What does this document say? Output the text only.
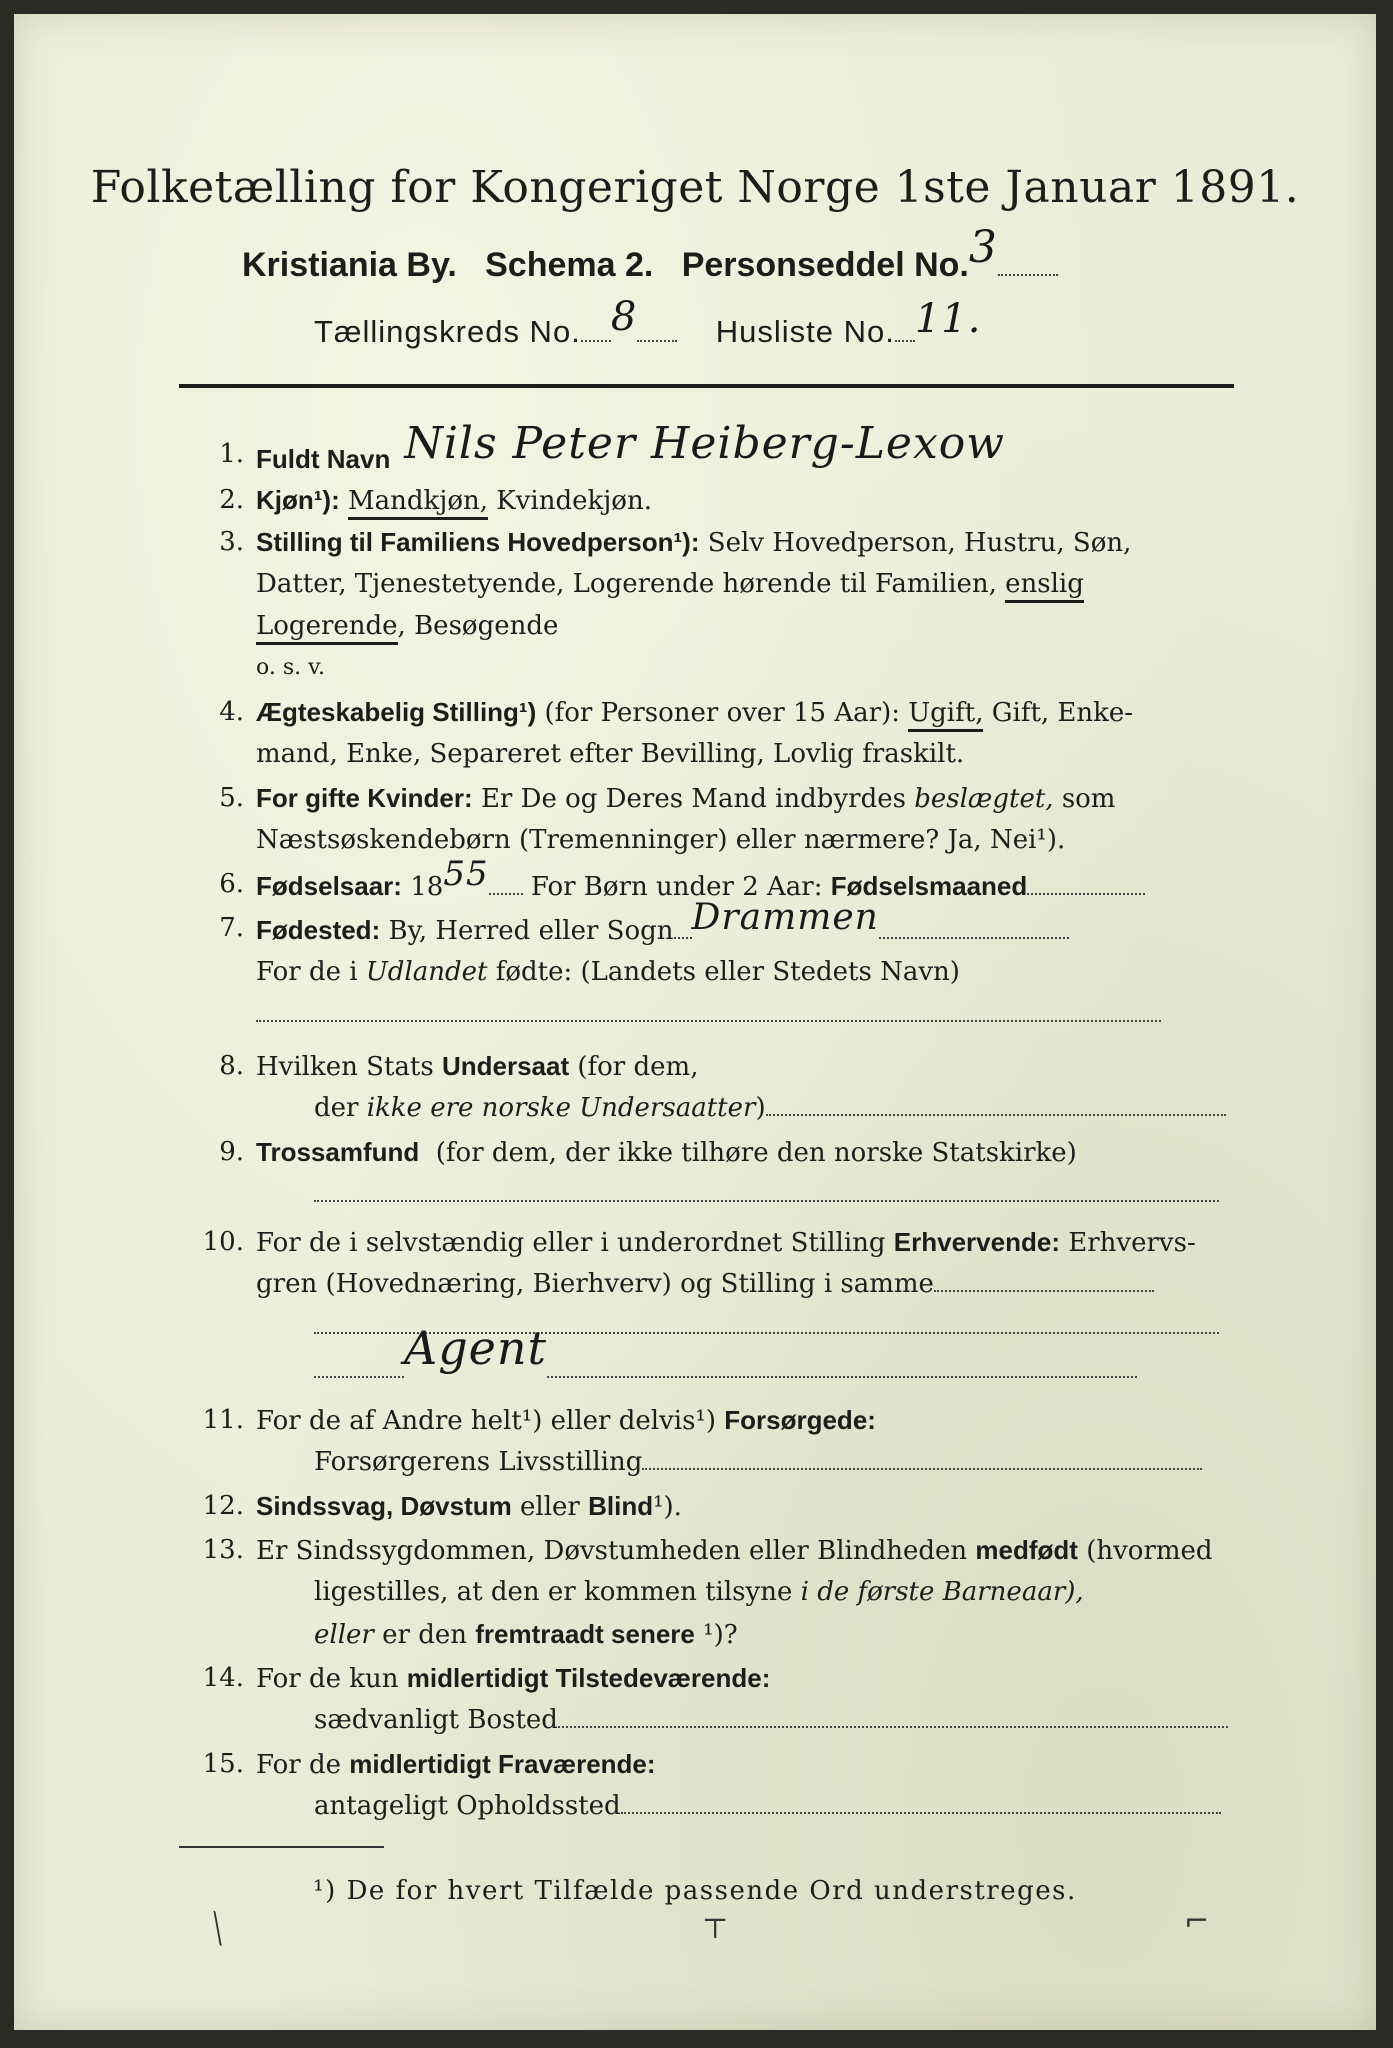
Folketælling for Kongeriget Norge 1ste Januar 1891.
Kristiania By. Schema 2. Personseddel No.3
Tællingskreds No. 8	Husliste No. 11.
1. Fuldt Navn Nils Peter Heiberg-Lexow
2. Kjøn¹): Mandkjøn, Kvindekjøn.
3. Stilling til Familiens Hovedperson¹): Selv Hovedperson, Hustru, Søn,
Datter, Tjenestetyende, Logerende hørende til Familien, enslig
Logerende, Besøgende
o. s. v.
4. Ægteskabelig Stilling¹) (for Personer over 15 Aar): Ugift, Gift, Enke-
mand, Enke, Separeret efter Bevilling, Lovlig fraskilt.
5. For gifte Kvinder: Er De og Deres Mand indbyrdes beslægtet, som
Næstsøskendebørn (Tremenninger) eller nærmere? Ja, Nei¹).
6. Fødselsaar: 1855 For Børn under 2 Aar: Fødselsmaaned
7. Fødested: By, Herred eller Sogn Drammen
For de i Udlandet fødte: (Landets eller Stedets Navn)
8. Hvilken Stats Undersaat (for dem,
der ikke ere norske Undersaatter)
9. Trossamfund (for dem, der ikke tilhøre den norske Statskirke)
10. For de i selvstændig eller i underordnet Stilling Erhvervende: Erhvervs-
gren (Hovednæring, Bierhverv) og Stilling i samme
Agent
11. For de af Andre helt¹) eller delvis¹) Forsørgede:
Forsørgerens Livsstilling
12. Sindssvag, Døvstum eller Blind¹).
13. Er Sindssygdommen, Døvstumheden eller Blindheden medfødt (hvormed
ligestilles, at den er kommen tilsyne i de første Barneaar),
eller er den fremtraadt senere ¹)?
14. For de kun midlertidigt Tilstedeværende:
sædvanligt Bosted
15. For de midlertidigt Fraværende:
antageligt Opholdssted
¹) De for hvert Tilfælde passende Ord understreges.
⟍	⊤	⌐
